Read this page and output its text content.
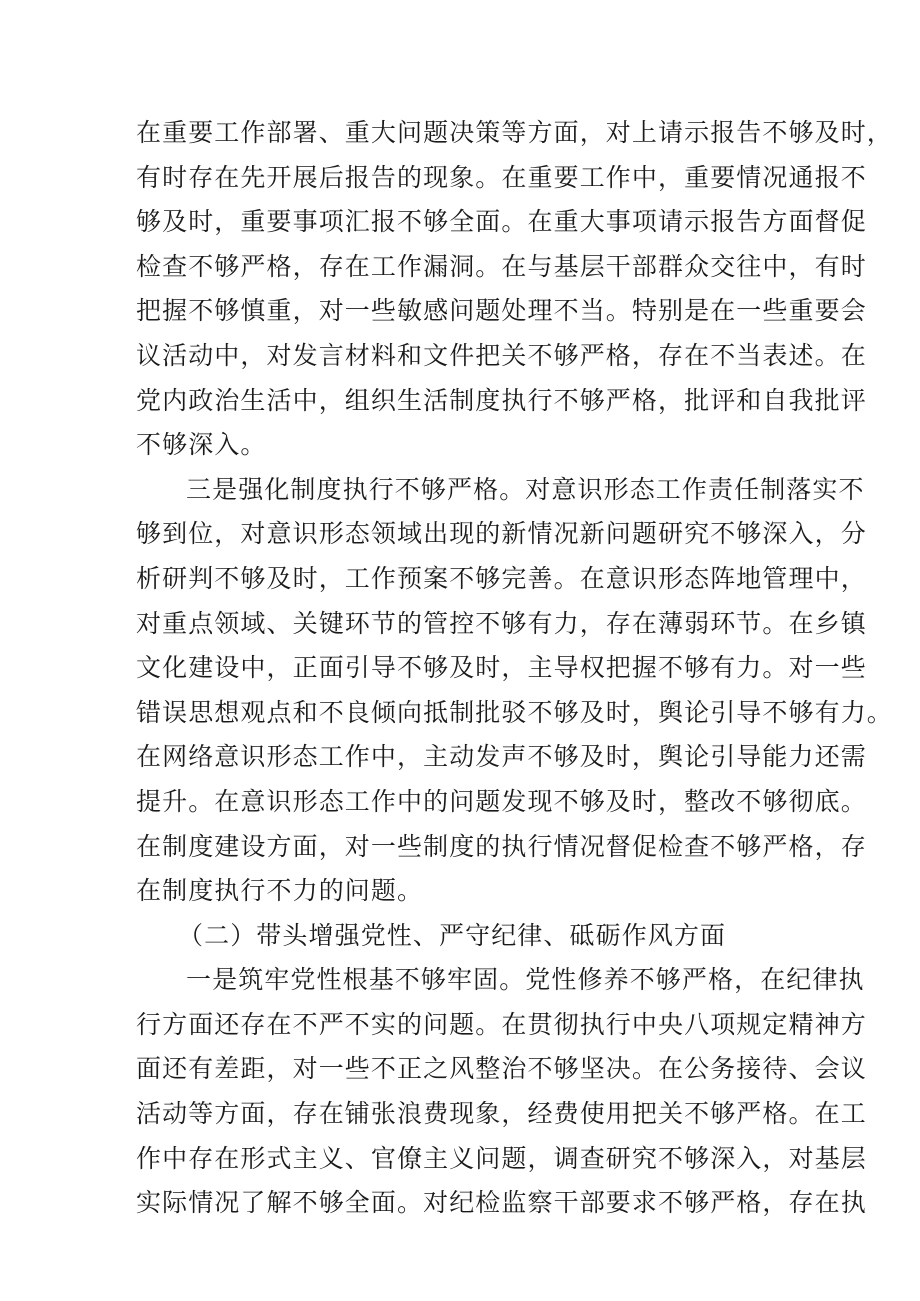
在重要工作部署、重大问题决策等方面，对上请示报告不够及时，
有时存在先开展后报告的现象。在重要工作中，重要情况通报不
够及时，重要事项汇报不够全面。在重大事项请示报告方面督促
检查不够严格，存在工作漏洞。在与基层干部群众交往中，有时
把握不够慎重，对一些敏感问题处理不当。特别是在一些重要会
议活动中，对发言材料和文件把关不够严格，存在不当表述。在
党内政治生活中，组织生活制度执行不够严格，批评和自我批评
不够深入。
三是强化制度执行不够严格。对意识形态工作责任制落实不
够到位，对意识形态领域出现的新情况新问题研究不够深入，分
析研判不够及时，工作预案不够完善。在意识形态阵地管理中，
对重点领域、关键环节的管控不够有力，存在薄弱环节。在乡镇
文化建设中，正面引导不够及时，主导权把握不够有力。对一些
错误思想观点和不良倾向抵制批驳不够及时，舆论引导不够有力。
在网络意识形态工作中，主动发声不够及时，舆论引导能力还需
提升。在意识形态工作中的问题发现不够及时，整改不够彻底。
在制度建设方面，对一些制度的执行情况督促检查不够严格，存
在制度执行不力的问题。
（二）带头增强党性、严守纪律、砥砺作风方面
一是筑牢党性根基不够牢固。党性修养不够严格，在纪律执
行方面还存在不严不实的问题。在贯彻执行中央八项规定精神方
面还有差距，对一些不正之风整治不够坚决。在公务接待、会议
活动等方面，存在铺张浪费现象，经费使用把关不够严格。在工
作中存在形式主义、官僚主义问题，调查研究不够深入，对基层
实际情况了解不够全面。对纪检监察干部要求不够严格，存在执
